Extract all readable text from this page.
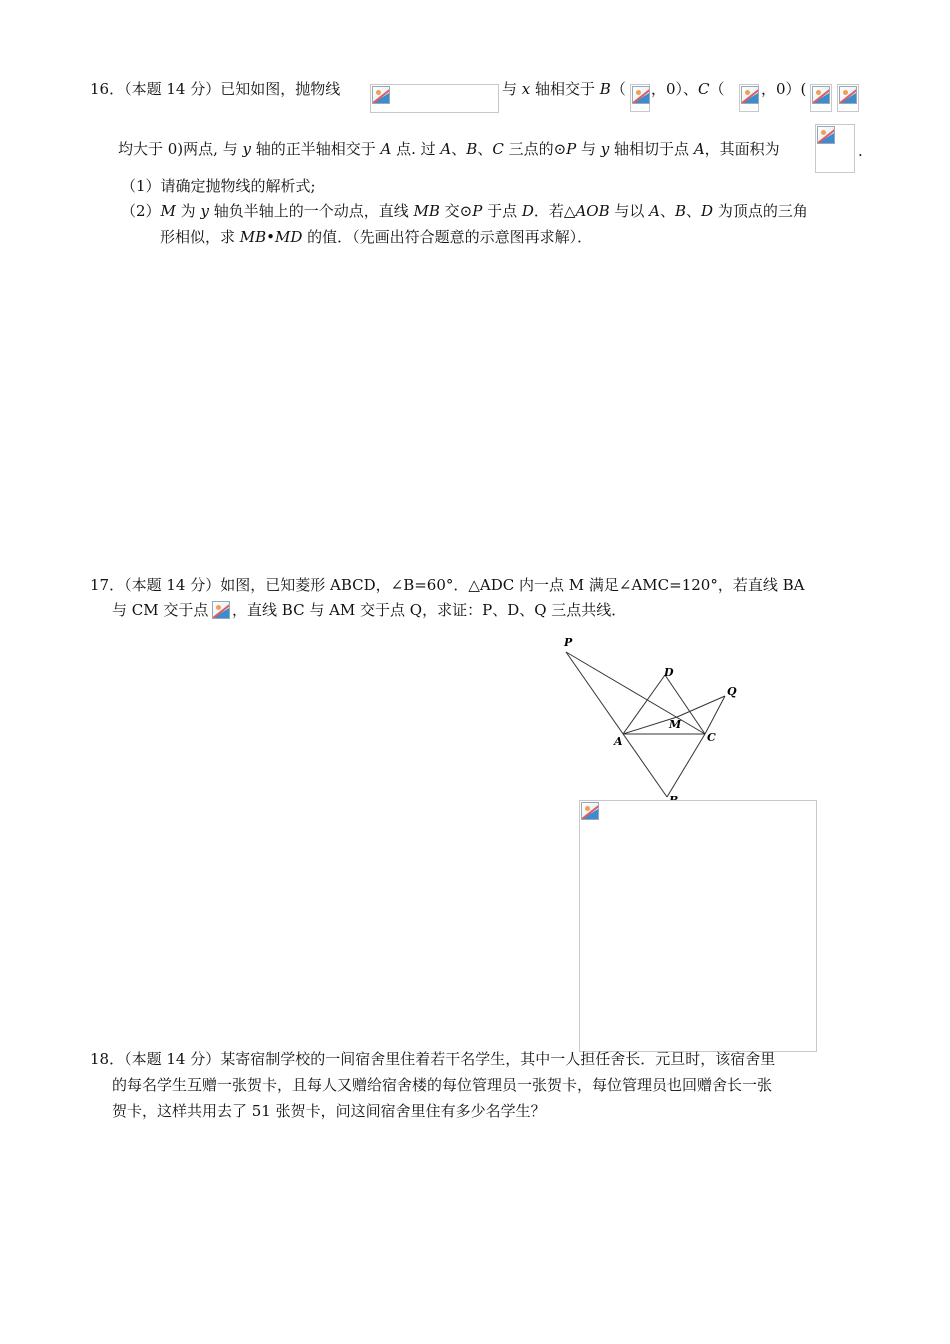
16．（本题 14 分）已知如图，抛物线	与 x 轴相交于 B（ ，0）、C（ ，0）(
均大于 0)两点, 与 y 轴的正半轴相交于 A 点. 过 A、B、C 三点的⊙P 与 y 轴相切于点 A，其面积为	.
（1）请确定抛物线的解析式;
（2）M 为 y 轴负半轴上的一个动点，直线 MB 交⊙P 于点 D．若△AOB 与以 A、B、D 为顶点的三角
形相似，求 MB•MD 的值．（先画出符合题意的示意图再求解）．
17．（本题 14 分）如图，已知菱形 ABCD，∠B=60°．△ADC 内一点 M 满足∠AMC=120°，若直线 BA
与 CM 交于点 ，直线 BC 与 AM 交于点 Q，求证：P、D、Q 三点共线．
P
D
Q
M
A	C
18．（本题 14 分）某寄宿制学校的一间宿舍里住着若干名学生，其中一人担任舍长．元旦时，该宿舍里
的每名学生互赠一张贺卡，且每人又赠给宿舍楼的每位管理员一张贺卡，每位管理员也回赠舍长一张
贺卡，这样共用去了 51 张贺卡，问这间宿舍里住有多少名学生？
